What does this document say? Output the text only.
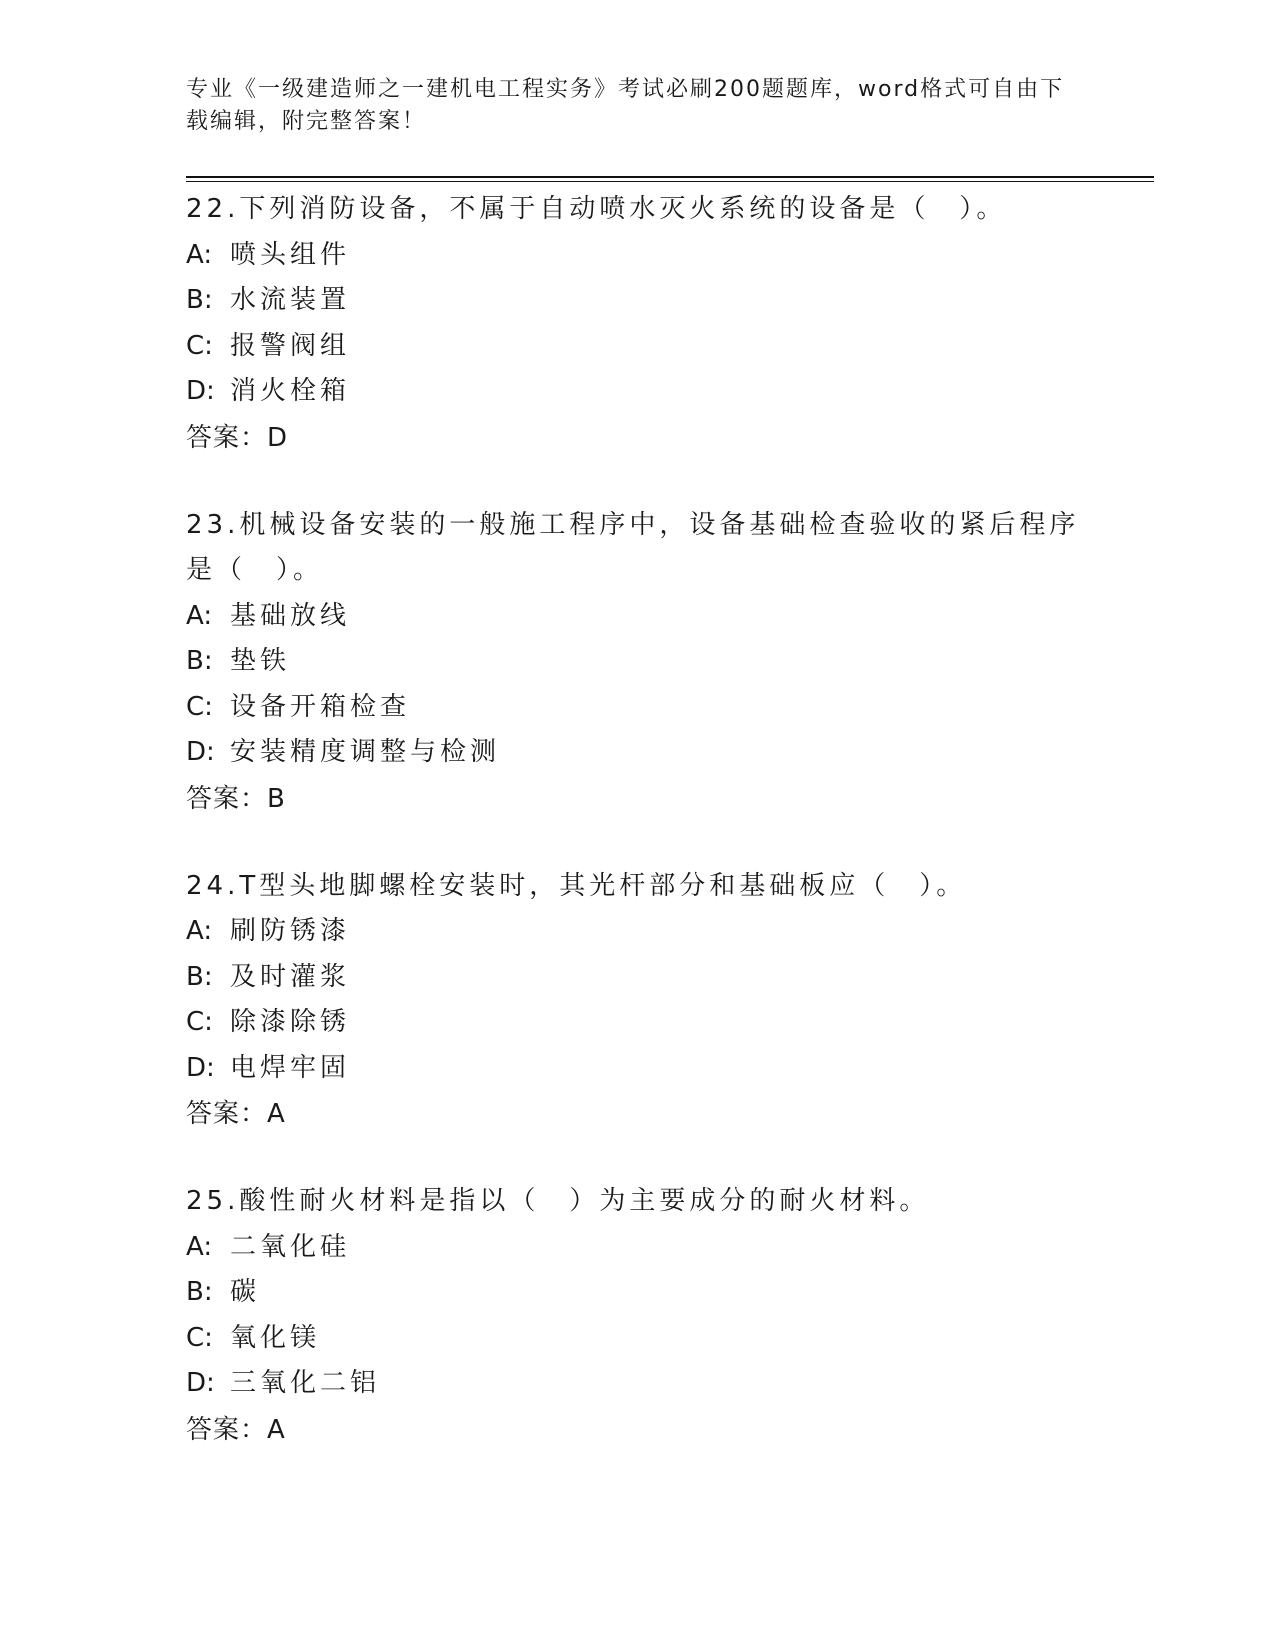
专业《一级建造师之一建机电工程实务》考试必刷200题题库，word格式可自由下载编辑，附完整答案！

22.下列消防设备，不属于自动喷水灭火系统的设备是（　）。

A: 喷头组件
B: 水流装置
C: 报警阀组
D: 消火栓箱
答案：D

23.机械设备安装的一般施工程序中，设备基础检查验收的紧后程序是（　）。

A: 基础放线
B: 垫铁
C: 设备开箱检查
D: 安装精度调整与检测
答案：B

24.T型头地脚螺栓安装时，其光杆部分和基础板应（　）。

A: 刷防锈漆
B: 及时灌浆
C: 除漆除锈
D: 电焊牢固
答案：A

25.酸性耐火材料是指以（　）为主要成分的耐火材料。

A: 二氧化硅
B: 碳
C: 氧化镁
D: 三氧化二铝
答案：A
